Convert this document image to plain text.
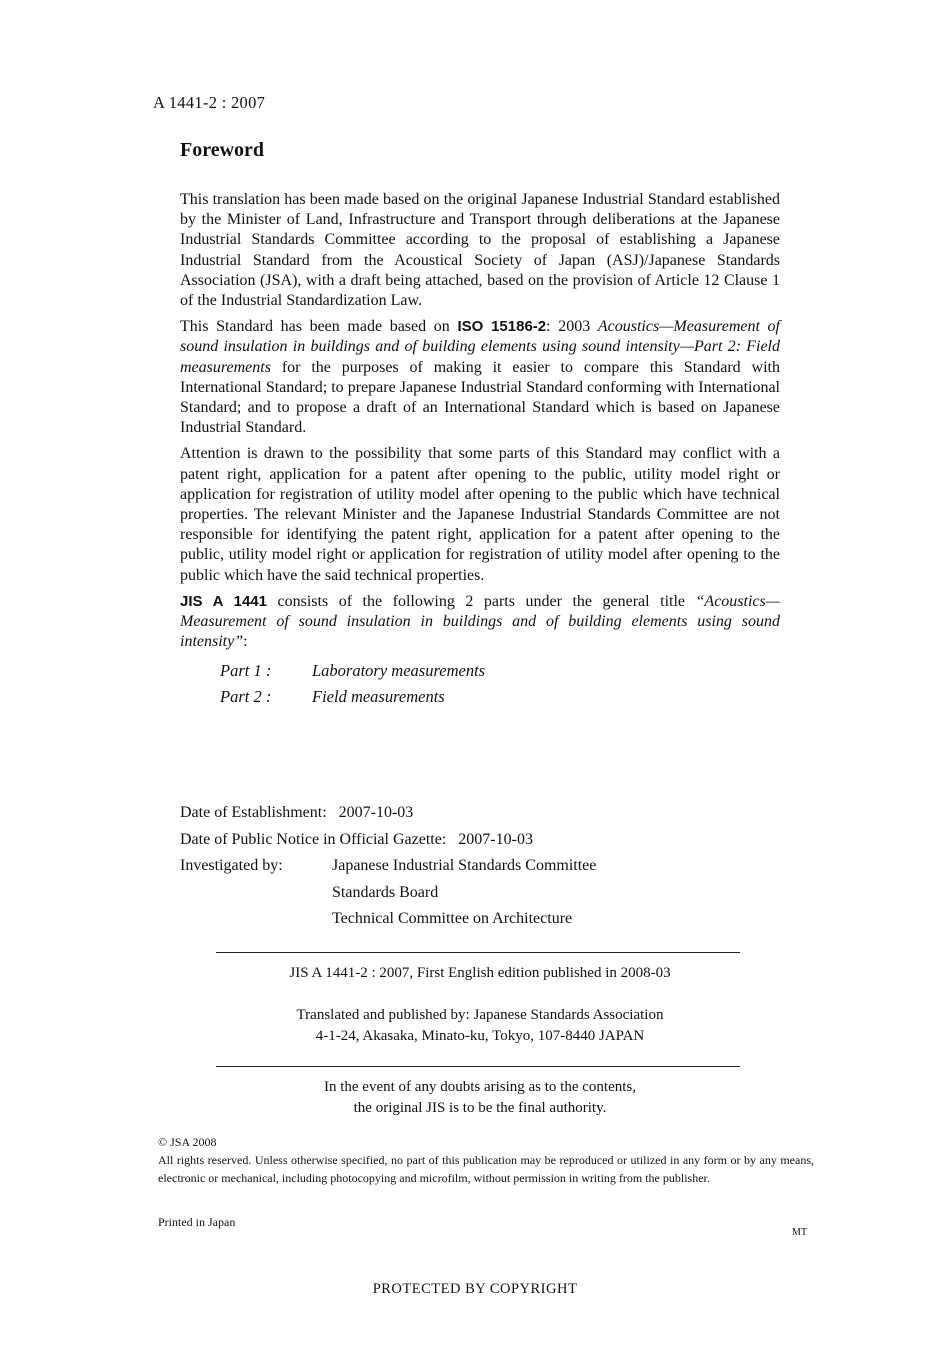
A 1441-2 : 2007
Foreword

This translation has been made based on the original Japanese Industrial Standard established by the Minister of Land, Infrastructure and Transport through deliberations at the Japanese Industrial Standards Committee according to the proposal of establishing a Japanese Industrial Standard from the Acoustical Society of Japan (ASJ)/Japanese Standards Association (JSA), with a draft being attached, based on the provision of Article 12 Clause 1 of the Industrial Standardization Law.

This Standard has been made based on ISO 15186-2: 2003 Acoustics—Measurement of sound insulation in buildings and of building elements using sound intensity—Part 2: Field measurements for the purposes of making it easier to compare this Standard with International Standard; to prepare Japanese Industrial Standard conforming with International Standard; and to propose a draft of an International Standard which is based on Japanese Industrial Standard.

Attention is drawn to the possibility that some parts of this Standard may conflict with a patent right, application for a patent after opening to the public, utility model right or application for registration of utility model after opening to the public which have technical properties. The relevant Minister and the Japanese Industrial Standards Committee are not responsible for identifying the patent right, application for a patent after opening to the public, utility model right or application for registration of utility model after opening to the public which have the said technical properties.

JIS A 1441 consists of the following 2 parts under the general title “Acoustics—Measurement of sound insulation in buildings and of building elements using sound intensity”:

Part 1 :	Laboratory measurements
Part 2 :	Field measurements
Date of Establishment: 2007-10-03
Date of Public Notice in Official Gazette: 2007-10-03
Investigated by:	Japanese Industrial Standards Committee
Standards Board
Technical Committee on Architecture
JIS A 1441-2 : 2007, First English edition published in 2008-03
Translated and published by: Japanese Standards Association
4-1-24, Akasaka, Minato-ku, Tokyo, 107-8440 JAPAN
In the event of any doubts arising as to the contents,
the original JIS is to be the final authority.
© JSA 2008
All rights reserved. Unless otherwise specified, no part of this publication may be reproduced or utilized in any form or by any means, electronic or mechanical, including photocopying and microfilm, without permission in writing from the publisher.
Printed in Japan
MT
PROTECTED BY COPYRIGHT
